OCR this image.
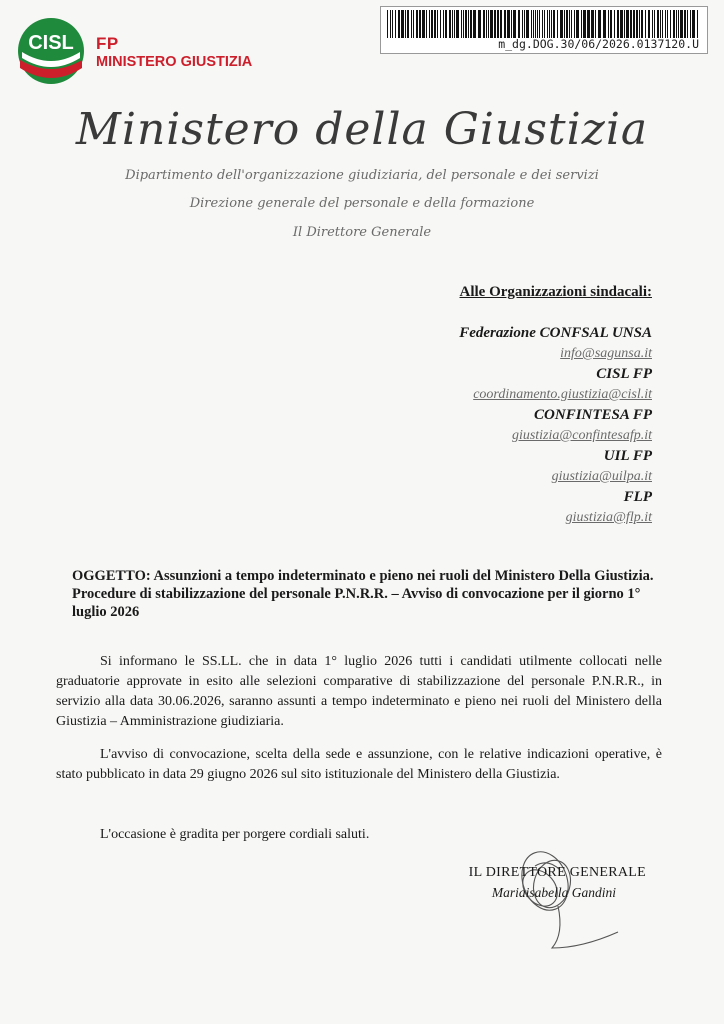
CISL FP
MINISTERO GIUSTIZIA
m_dg.DOG.30/06/2026.0137120.U
Ministero della Giustizia
Dipartimento dell'organizzazione giudiziaria, del personale e dei servizi
Direzione generale del personale e della formazione
Il Direttore Generale
Alle Organizzazioni sindacali:
Federazione CONFSAL UNSA
info@sagunsa.it
CISL FP
coordinamento.giustizia@cisl.it
CONFINTESA FP
giustizia@confintesafp.it
UIL FP
giustizia@uilpa.it
FLP
giustizia@flp.it
OGGETTO: Assunzioni a tempo indeterminato e pieno nei ruoli del Ministero Della Giustizia. Procedure di stabilizzazione del personale P.N.R.R. – Avviso di convocazione per il giorno 1° luglio 2026
Si informano le SS.LL. che in data 1° luglio 2026 tutti i candidati utilmente collocati nelle graduatorie approvate in esito alle selezioni comparative di stabilizzazione del personale P.N.R.R., in servizio alla data 30.06.2026, saranno assunti a tempo indeterminato e pieno nei ruoli del Ministero della Giustizia – Amministrazione giudiziaria.
L'avviso di convocazione, scelta della sede e assunzione, con le relative indicazioni operative, è stato pubblicato in data 29 giugno 2026 sul sito istituzionale del Ministero della Giustizia.
L'occasione è gradita per porgere cordiali saluti.
IL DIRETTORE GENERALE
Mariaisabella Gandini
